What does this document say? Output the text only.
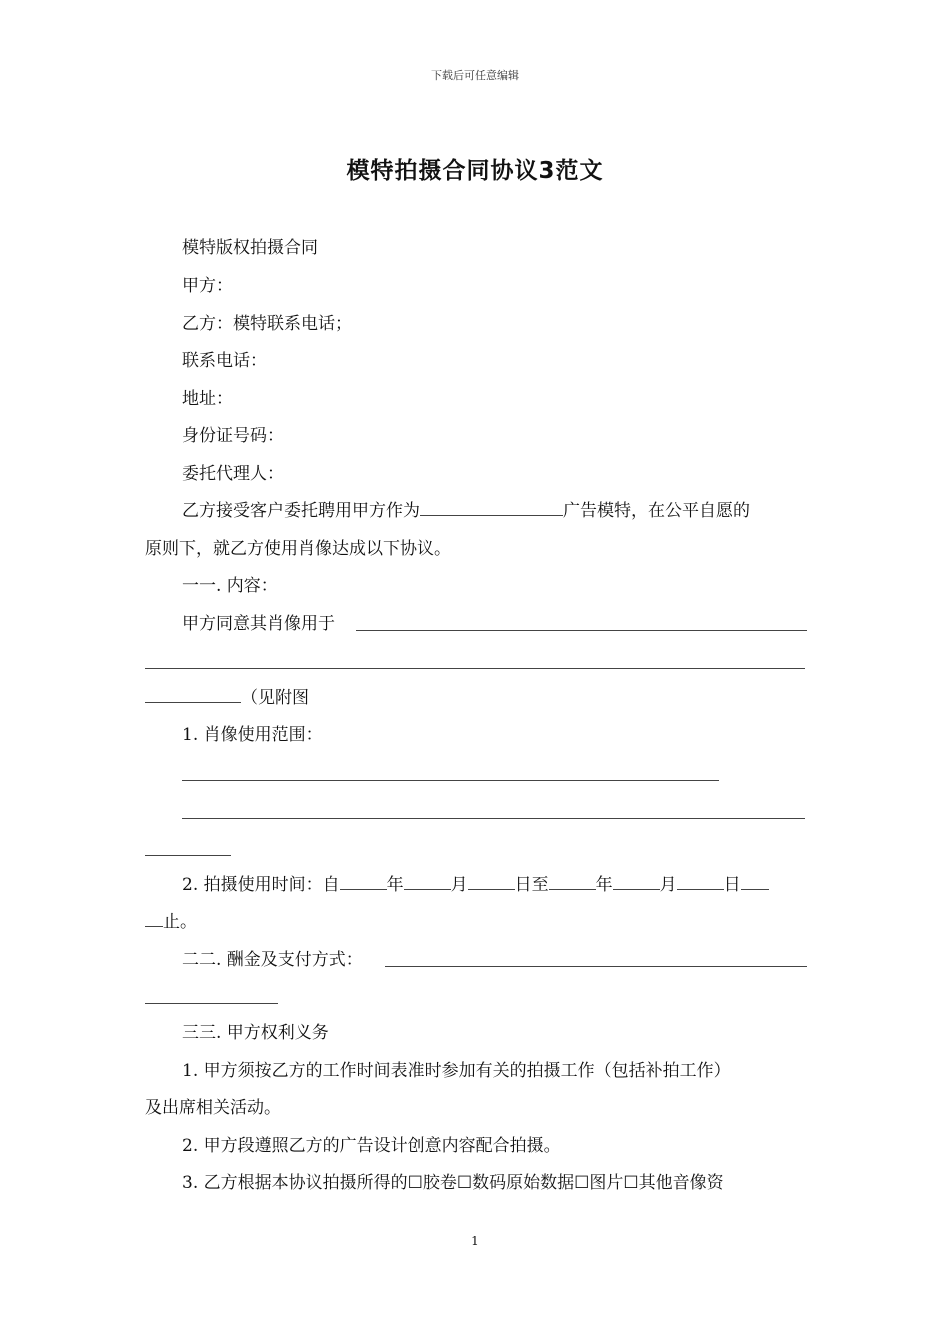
下载后可任意编辑
模特拍摄合同协议3范文
模特版权拍摄合同
甲方：
乙方：模特联系电话；
联系电话：
地址：
身份证号码：
委托代理人：
乙方接受客户委托聘用甲方作为	广告模特，在公平自愿的
原则下，就乙方使用肖像达成以下协议。
一一. 内容：
甲方同意其肖像用于
（见附图
1. 肖像使用范围：
2. 拍摄使用时间：自	年	月	日至	年	月	日
止。
二二. 酬金及支付方式：
三三. 甲方权利义务
1. 甲方须按乙方的工作时间表准时参加有关的拍摄工作（包括补拍工作）
及出席相关活动。
2. 甲方段遵照乙方的广告设计创意内容配合拍摄。
3. 乙方根据本协议拍摄所得的☐胶卷☐数码原始数据☐图片☐其他音像资
1
